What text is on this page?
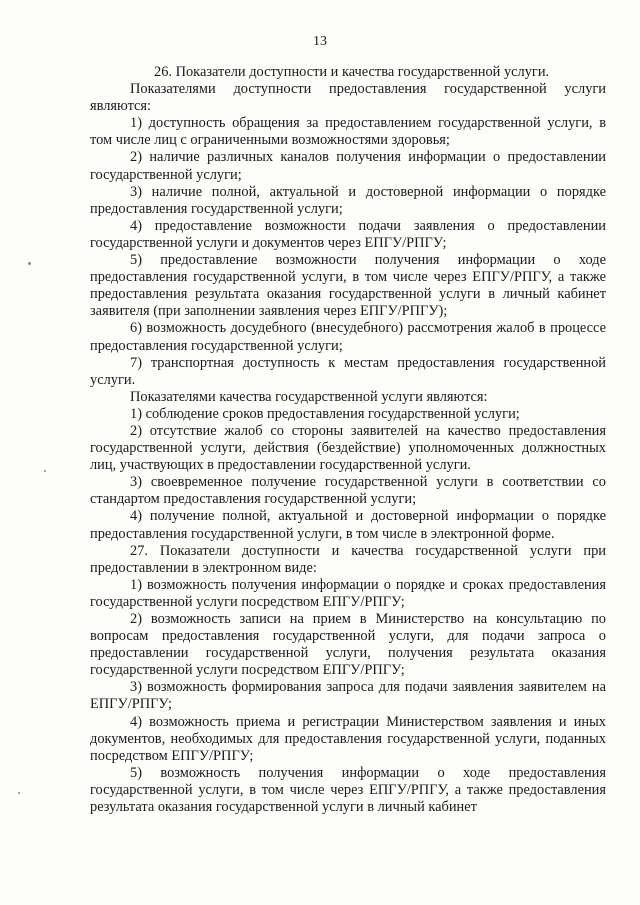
13

26. Показатели доступности и качества государственной услуги.

Показателями доступности предоставления государственной услуги являются:

1) доступность обращения за предоставлением государственной услуги, в том числе лиц с ограниченными возможностями здоровья;

2) наличие различных каналов получения информации о предоставлении государственной услуги;

3) наличие полной, актуальной и достоверной информации о порядке предоставления государственной услуги;

4) предоставление возможности подачи заявления о предоставлении государственной услуги и документов через ЕПГУ/РПГУ;

5) предоставление возможности получения информации о ходе предоставления государственной услуги, в том числе через ЕПГУ/РПГУ, а также предоставления результата оказания государственной услуги в личный кабинет заявителя (при заполнении заявления через ЕПГУ/РПГУ);

6) возможность досудебного (внесудебного) рассмотрения жалоб в процессе предоставления государственной услуги;

7) транспортная доступность к местам предоставления государственной услуги.

Показателями качества государственной услуги являются:

1) соблюдение сроков предоставления государственной услуги;

2) отсутствие жалоб со стороны заявителей на качество предоставления государственной услуги, действия (бездействие) уполномоченных должностных лиц, участвующих в предоставлении государственной услуги.

3) своевременное получение государственной услуги в соответствии со стандартом предоставления государственной услуги;

4) получение полной, актуальной и достоверной информации о порядке предоставления государственной услуги, в том числе в электронной форме.

27. Показатели доступности и качества государственной услуги при предоставлении в электронном виде:

1) возможность получения информации о порядке и сроках предоставления государственной услуги посредством ЕПГУ/РПГУ;

2) возможность записи на прием в Министерство на консультацию по вопросам предоставления государственной услуги, для подачи запроса о предоставлении государственной услуги, получения результата оказания государственной услуги посредством ЕПГУ/РПГУ;

3) возможность формирования запроса для подачи заявления заявителем на ЕПГУ/РПГУ;

4) возможность приема и регистрации Министерством заявления и иных документов, необходимых для предоставления государственной услуги, поданных посредством ЕПГУ/РПГУ;

5) возможность получения информации о ходе предоставления государственной услуги, в том числе через ЕПГУ/РПГУ, а также предоставления результата оказания государственной услуги в личный кабинет
